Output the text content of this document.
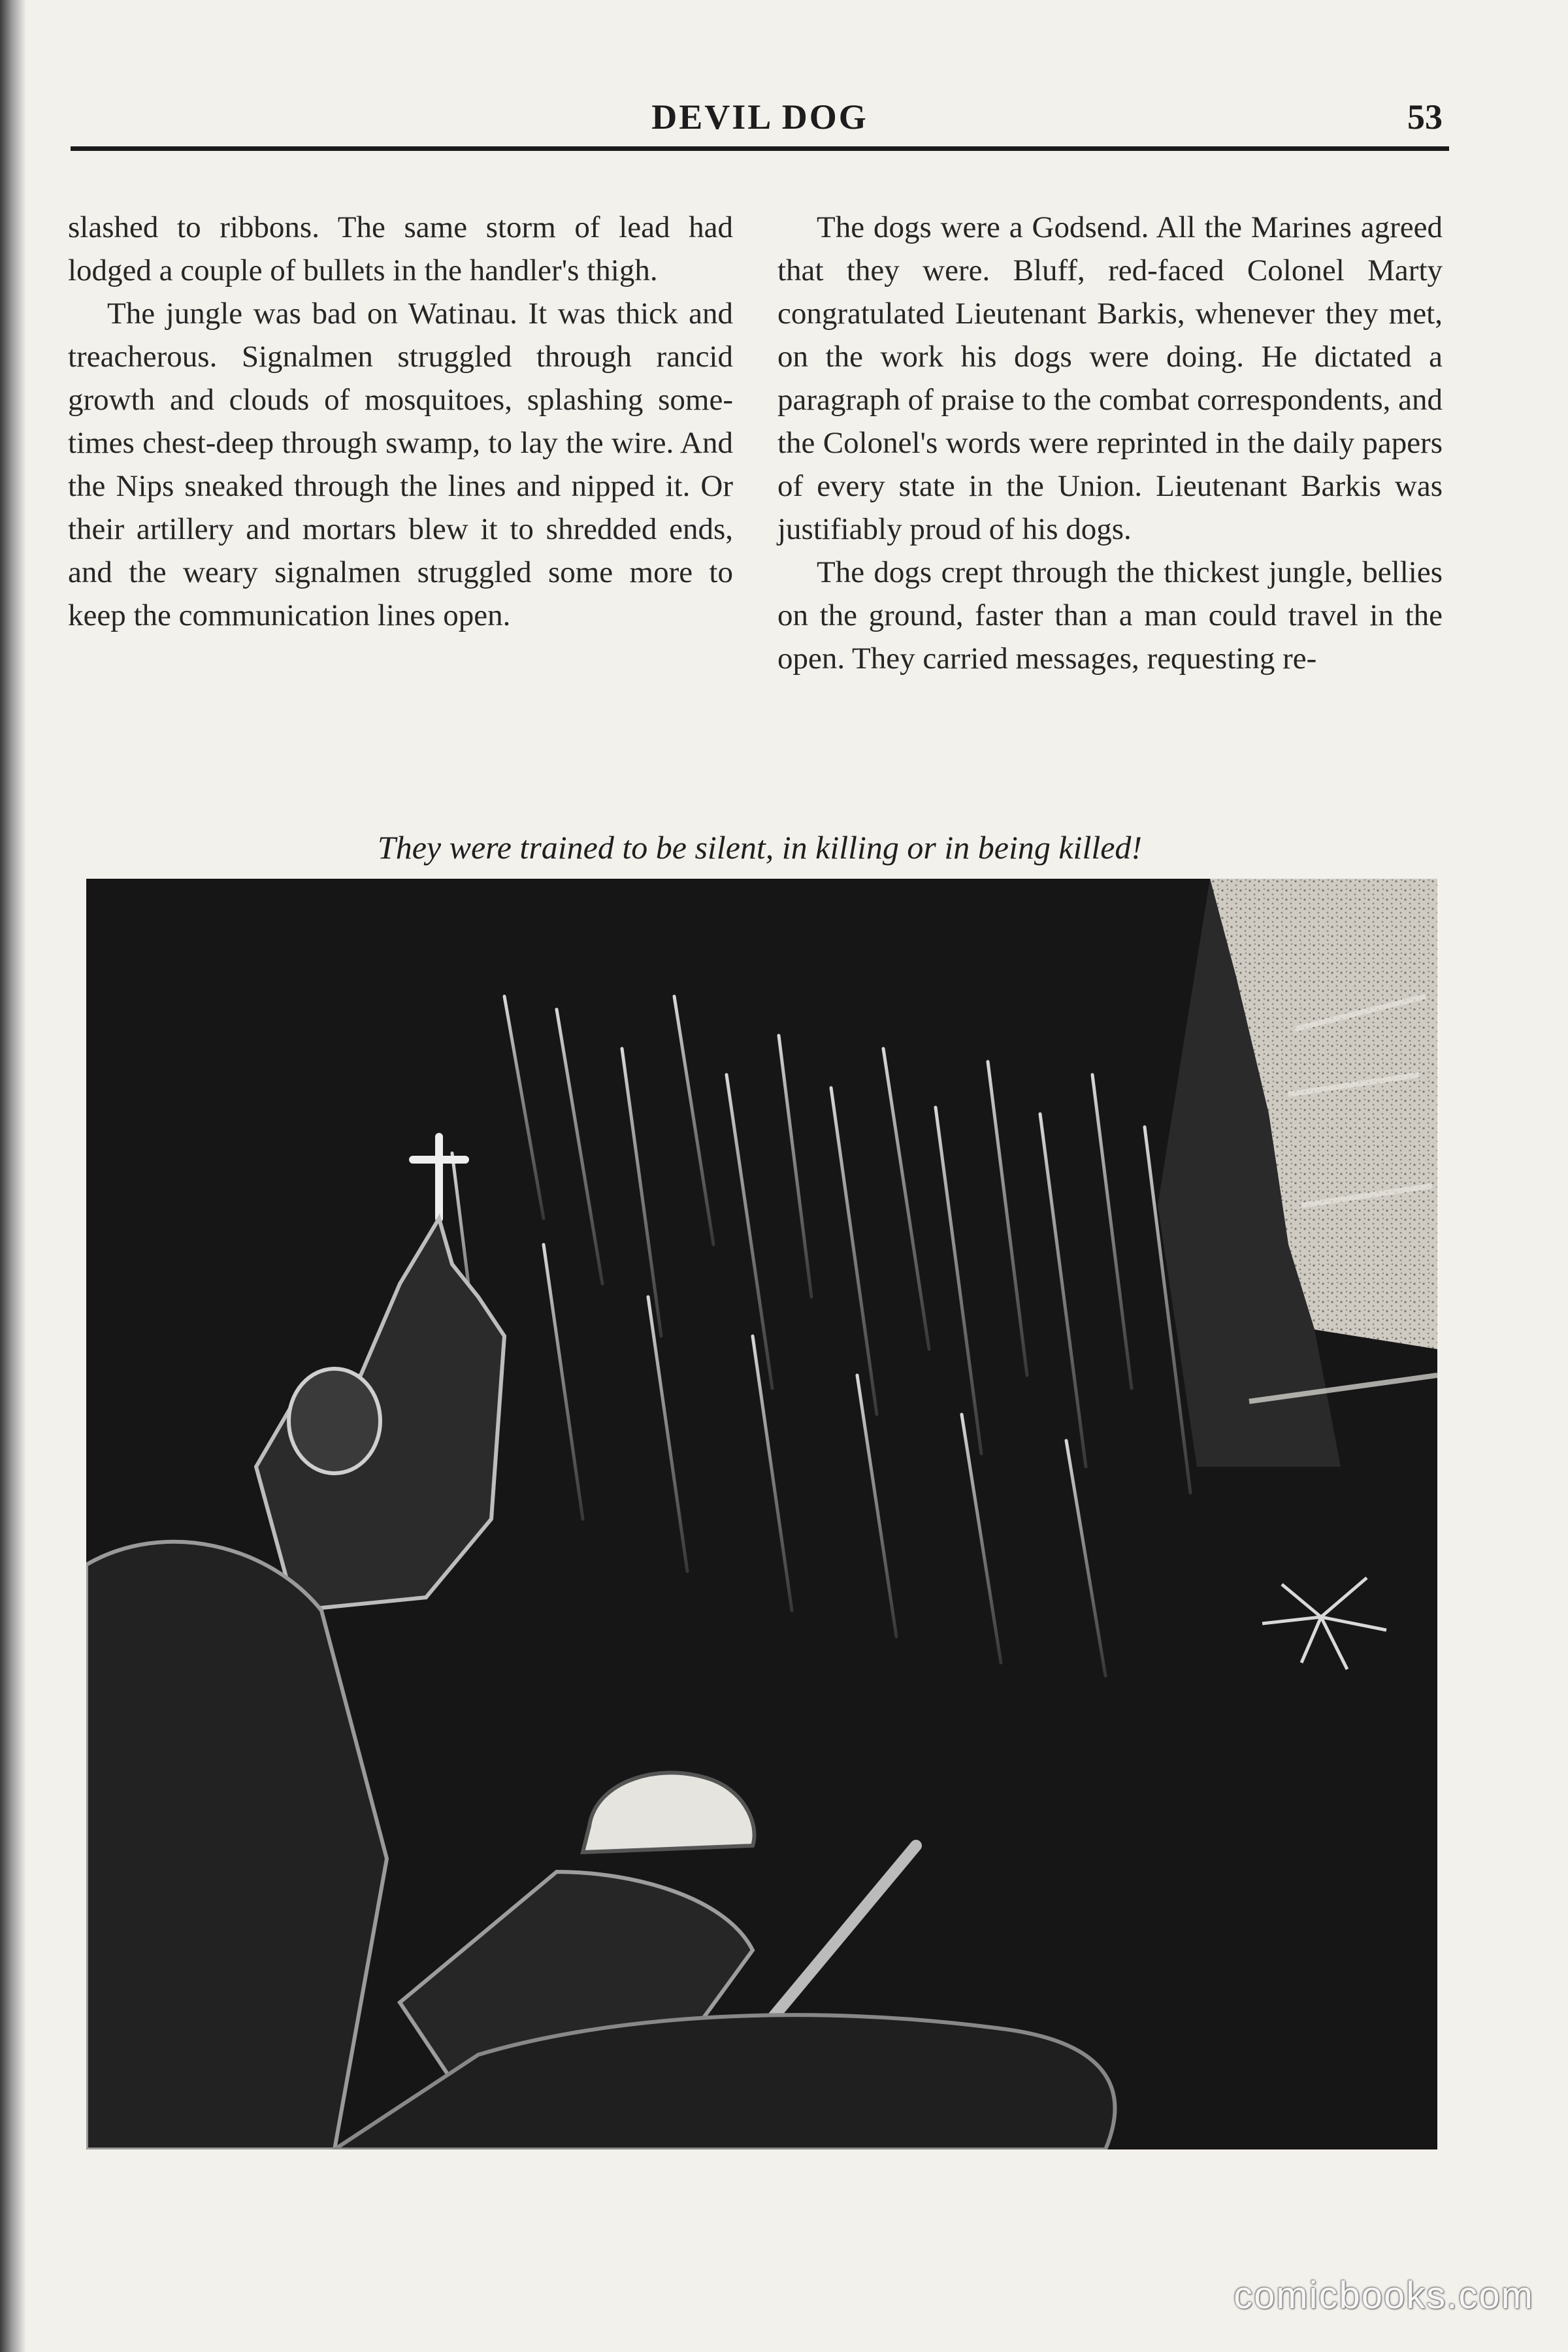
DEVIL DOG	53

slashed to ribbons. The same storm of lead had lodged a couple of bullets in the handler's thigh.

The jungle was bad on Watinau. It was thick and treacherous. Signalmen struggled through rancid growth and clouds of mosquitoes, splashing sometimes chest-deep through swamp, to lay the wire. And the Nips sneaked through the lines and nipped it. Or their artillery and mortars blew it to shredded ends, and the weary signalmen struggled some more to keep the communication lines open.

The dogs were a Godsend. All the Marines agreed that they were. Bluff, red-faced Colonel Marty congratulated Lieutenant Barkis, whenever they met, on the work his dogs were doing. He dictated a paragraph of praise to the combat correspondents, and the Colonel's words were reprinted in the daily papers of every state in the Union. Lieutenant Barkis was justifiably proud of his dogs.

The dogs crept through the thickest jungle, bellies on the ground, faster than a man could travel in the open. They carried messages, requesting re-

They were trained to be silent, in killing or in being killed!
comicbooks.com
